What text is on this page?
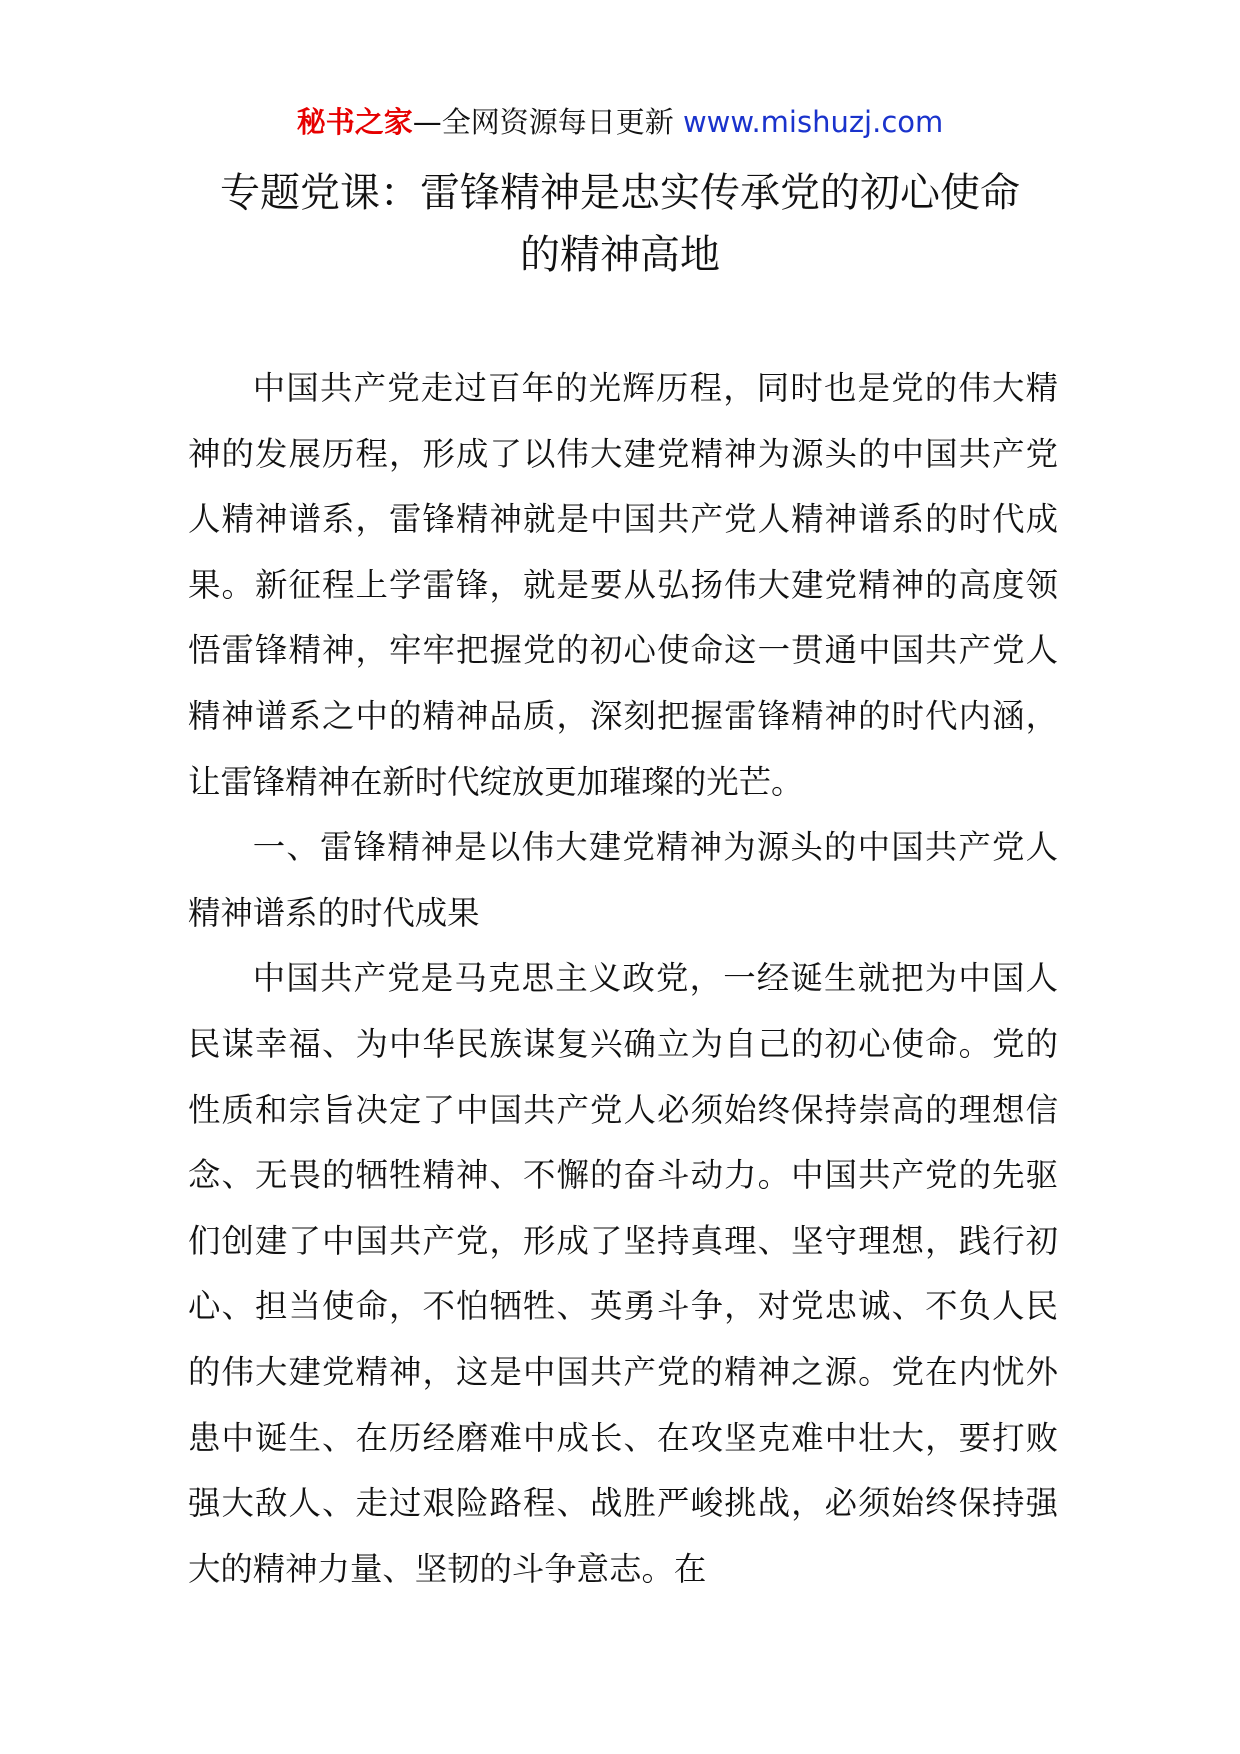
秘书之家—全网资源每日更新 www.mishuzj.com
专题党课：雷锋精神是忠实传承党的初心使命
的精神高地

中国共产党走过百年的光辉历程，同时也是党的伟大精神的发展历程，形成了以伟大建党精神为源头的中国共产党人精神谱系，雷锋精神就是中国共产党人精神谱系的时代成果。新征程上学雷锋，就是要从弘扬伟大建党精神的高度领悟雷锋精神，牢牢把握党的初心使命这一贯通中国共产党人精神谱系之中的精神品质，深刻把握雷锋精神的时代内涵，让雷锋精神在新时代绽放更加璀璨的光芒。

一、雷锋精神是以伟大建党精神为源头的中国共产党人精神谱系的时代成果

中国共产党是马克思主义政党，一经诞生就把为中国人民谋幸福、为中华民族谋复兴确立为自己的初心使命。党的性质和宗旨决定了中国共产党人必须始终保持崇高的理想信念、无畏的牺牲精神、不懈的奋斗动力。中国共产党的先驱们创建了中国共产党，形成了坚持真理、坚守理想，践行初心、担当使命，不怕牺牲、英勇斗争，对党忠诚、不负人民的伟大建党精神，这是中国共产党的精神之源。党在内忧外患中诞生、在历经磨难中成长、在攻坚克难中壮大，要打败强大敌人、走过艰险路程、战胜严峻挑战，必须始终保持强大的精神力量、坚韧的斗争意志。在
